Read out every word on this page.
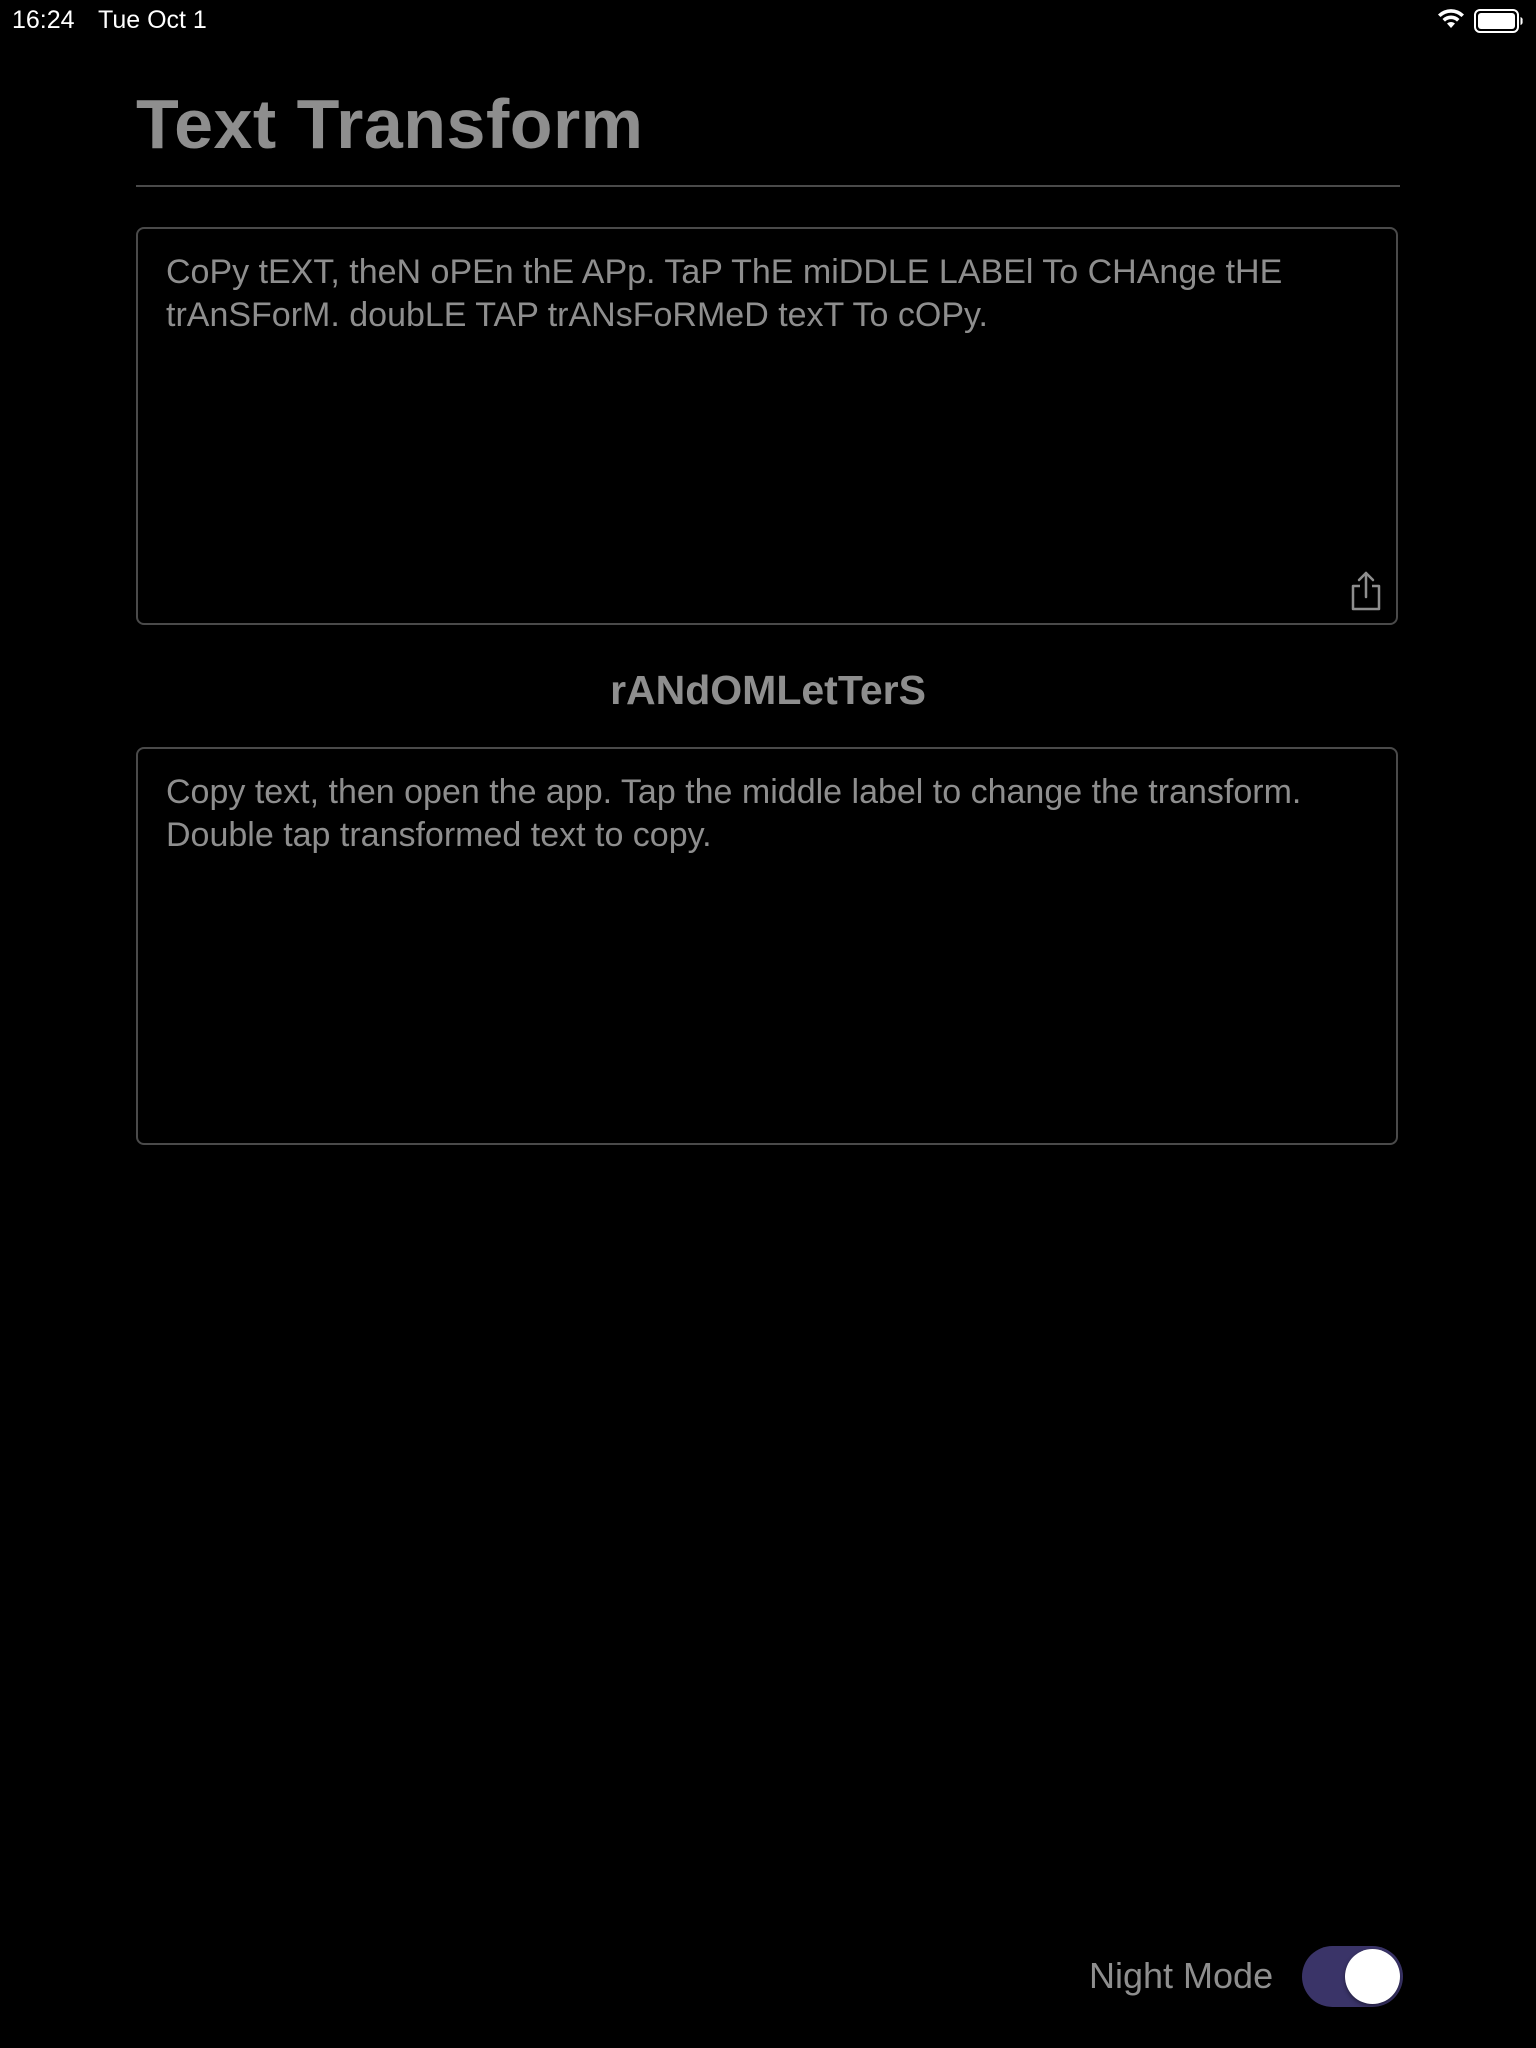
16:24 Tue Oct 1
Text Transform
CoPy tEXT, theN oPEn thE APp. TaP ThE miDDLE LABEl To CHAnge tHE trAnSForM. doubLE TAP trANsFoRMeD texT To cOPy.
rANdOMLetTerS
Copy text, then open the app. Tap the middle label to change the transform. Double tap transformed text to copy.
Night Mode
